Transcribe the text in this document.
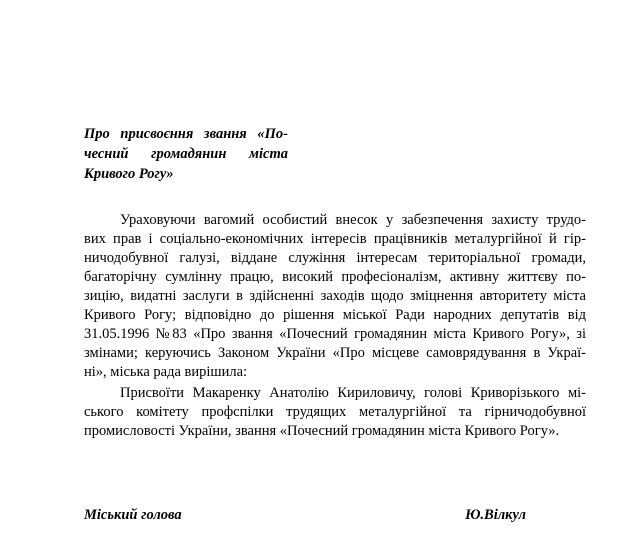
Про присвоєння звання «По-
чесний громадянин міста
Кривого Рогу»
Ураховуючи вагомий особистий внесок у забезпечення захисту трудо-
вих прав і соціально-економічних інтересів працівників металургійної й гір-
ничодобувної галузі, віддане служіння інтересам територіальної громади,
багаторічну сумлінну працю, високий професіоналізм, активну життєву по-
зицію, видатні заслуги в здійсненні заходів щодо зміцнення авторитету міста
Кривого Рогу; відповідно до рішення міської Ради народних депутатів від
31.05.1996 №83 «Про звання «Почесний громадянин міста Кривого Рогу», зі
змінами; керуючись Законом України «Про місцеве самоврядування в Украї-
ні», міська рада вирішила:
Присвоїти Макаренку Анатолію Кириловичу, голові Криворізького мі-
ського комітету профспілки трудящих металургійної та гірничодобувної
промисловості України, звання «Почесний громадянин міста Кривого Рогу».
Міський голова	Ю.Вілкул
